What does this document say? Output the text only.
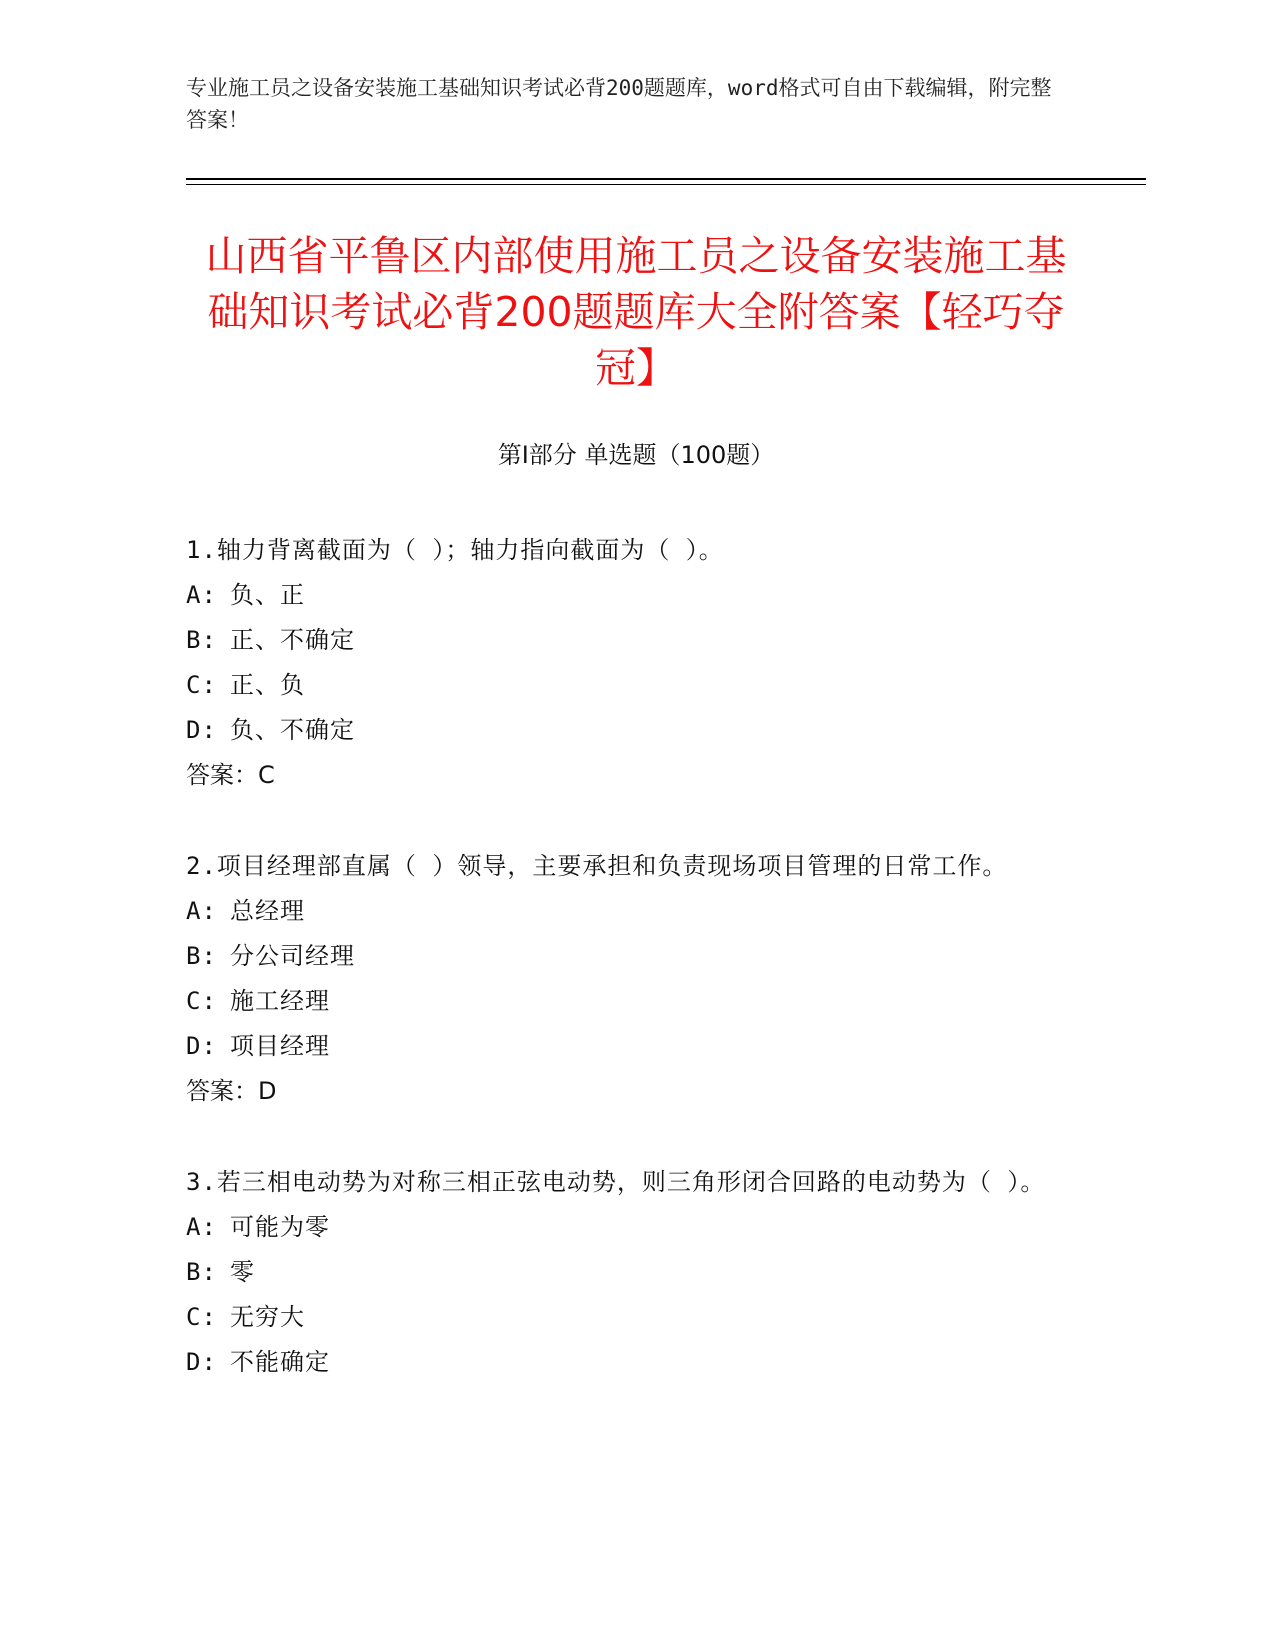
专业施工员之设备安装施工基础知识考试必背200题题库，word格式可自由下载编辑，附完整答案！
山西省平鲁区内部使用施工员之设备安装施工基础知识考试必背200题题库大全附答案【轻巧夺冠】
第I部分 单选题（100题）

1.轴力背离截面为（ ）；轴力指向截面为（ ）。

A: 负、正

B: 正、不确定

C: 正、负

D: 负、不确定

答案：C

2.项目经理部直属（ ）领导，主要承担和负责现场项目管理的日常工作。

A: 总经理

B: 分公司经理

C: 施工经理

D: 项目经理

答案：D

3.若三相电动势为对称三相正弦电动势，则三角形闭合回路的电动势为（ ）。

A: 可能为零

B: 零

C: 无穷大

D: 不能确定
